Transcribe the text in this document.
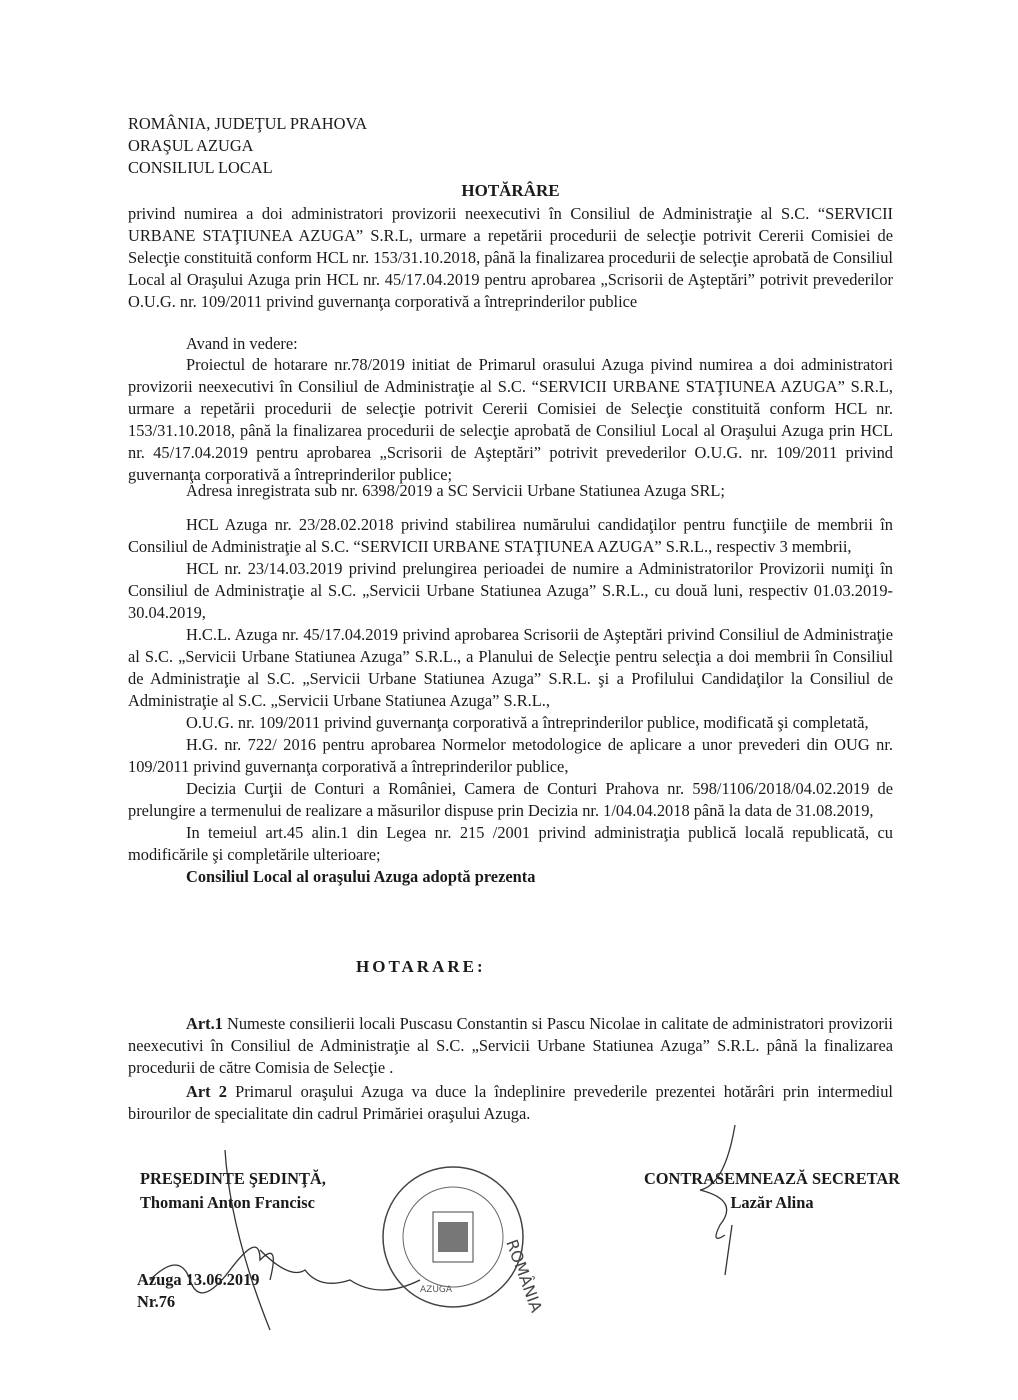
ROMÂNIA, JUDEŢUL PRAHOVA

ORAŞUL AZUGA

CONSILIUL LOCAL

HOTĂRÂRE
privind numirea a doi administratori provizorii neexecutivi în Consiliul de Administraţie al S.C. “SERVICII URBANE STAŢIUNEA AZUGA” S.R.L, urmare a repetării procedurii de selecţie potrivit Cererii Comisiei de Selecţie constituită conform HCL nr. 153/31.10.2018, până la finalizarea procedurii de selecţie aprobată de Consiliul Local al Oraşului Azuga prin HCL nr. 45/17.04.2019 pentru aprobarea „Scrisorii de Aşteptări” potrivit prevederilor O.U.G. nr. 109/2011 privind guvernanţa corporativă a întreprinderilor publice
Avand in vedere:
Proiectul de hotarare nr.78/2019 initiat de Primarul orasului Azuga pivind numirea a doi administratori provizorii neexecutivi în Consiliul de Administraţie al S.C. “SERVICII URBANE STAŢIUNEA AZUGA” S.R.L, urmare a repetării procedurii de selecţie potrivit Cererii Comisiei de Selecţie constituită conform HCL nr. 153/31.10.2018, până la finalizarea procedurii de selecţie aprobată de Consiliul Local al Oraşului Azuga prin HCL nr. 45/17.04.2019 pentru aprobarea „Scrisorii de Aşteptări” potrivit prevederilor O.U.G. nr. 109/2011 privind guvernanţa corporativă a întreprinderilor publice;
Adresa inregistrata sub nr. 6398/2019 a SC Servicii Urbane Statiunea Azuga SRL;

HCL Azuga nr. 23/28.02.2018 privind stabilirea numărului candidaţilor pentru funcţiile de membrii în Consiliul de Administraţie al S.C. “SERVICII URBANE STAŢIUNEA AZUGA” S.R.L., respectiv 3 membrii,

HCL nr. 23/14.03.2019 privind prelungirea perioadei de numire a Administratorilor Provizorii numiţi în Consiliul de Administraţie al S.C. „Servicii Urbane Statiunea Azuga” S.R.L., cu două luni, respectiv 01.03.2019-30.04.2019,

H.C.L. Azuga nr. 45/17.04.2019 privind aprobarea Scrisorii de Aşteptări privind Consiliul de Administraţie al S.C. „Servicii Urbane Statiunea Azuga” S.R.L., a Planului de Selecţie pentru selecţia a doi membrii în Consiliul de Administraţie al S.C. „Servicii Urbane Statiunea Azuga” S.R.L. şi a Profilului Candidaţilor la Consiliul de Administraţie al S.C. „Servicii Urbane Statiunea Azuga” S.R.L.,

O.U.G. nr. 109/2011 privind guvernanţa corporativă a întreprinderilor publice, modificată şi completată,

H.G. nr. 722/ 2016 pentru aprobarea Normelor metodologice de aplicare a unor prevederi din OUG nr. 109/2011 privind guvernanţa corporativă a întreprinderilor publice,

Decizia Curţii de Conturi a României, Camera de Conturi Prahova nr. 598/1106/2018/04.02.2019 de prelungire a termenului de realizare a măsurilor dispuse prin Decizia nr. 1/04.04.2018 până la data de 31.08.2019,

In temeiul art.45 alin.1 din Legea nr. 215 /2001 privind administraţia publică locală republicată, cu modificările şi completările ulterioare;

Consiliul Local al oraşului Azuga adoptă prezenta

HOTARARE:

Art.1 Numeste consilierii locali Puscasu Constantin si Pascu Nicolae in calitate de administratori provizorii neexecutivi în Consiliul de Administraţie al S.C. „Servicii Urbane Statiunea Azuga” S.R.L. până la finalizarea procedurii de către Comisia de Selecţie .

Art 2 Primarul oraşului Azuga va duce la îndeplinire prevederile prezentei hotărâri prin intermediul birourilor de specialitate din cadrul Primăriei oraşului Azuga.

PREŞEDINTE ŞEDINŢĂ,

Thomani Anton Francisc

Azuga 13.06.2019

Nr.76	ROMÂNIA
AZUGA

CONTRASEMNEAZĂ SECRETAR

Lazăr Alina
